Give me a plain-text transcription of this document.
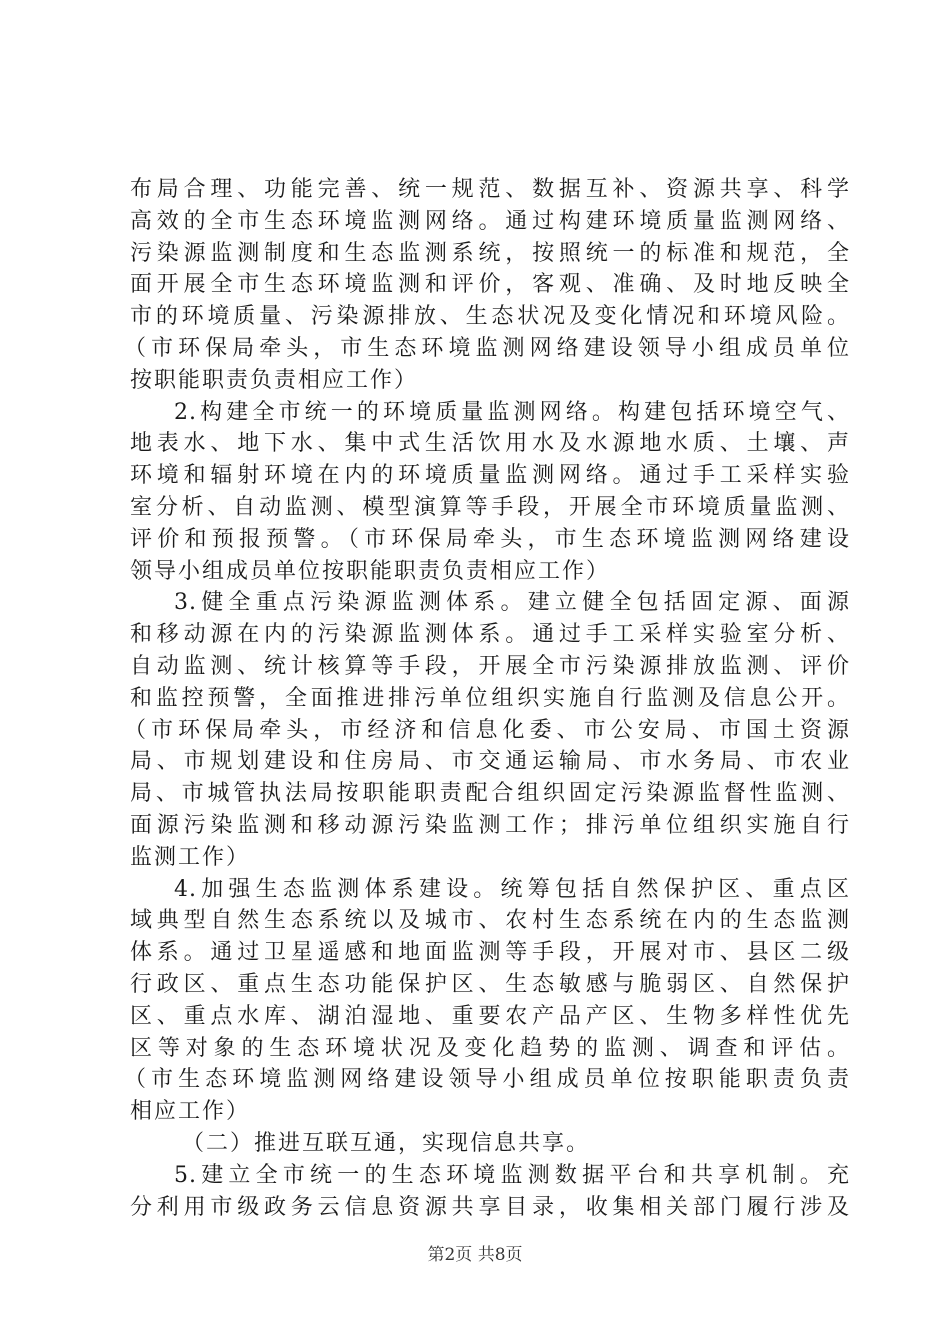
布局合理、功能完善、统一规范、数据互补、资源共享、科学
高效的全市生态环境监测网络。通过构建环境质量监测网络、
污染源监测制度和生态监测系统，按照统一的标准和规范，全
面开展全市生态环境监测和评价，客观、准确、及时地反映全
市的环境质量、污染源排放、生态状况及变化情况和环境风险。
（市环保局牵头，市生态环境监测网络建设领导小组成员单位
按职能职责负责相应工作）
2.构建全市统一的环境质量监测网络。构建包括环境空气、
地表水、地下水、集中式生活饮用水及水源地水质、土壤、声
环境和辐射环境在内的环境质量监测网络。通过手工采样实验
室分析、自动监测、模型演算等手段，开展全市环境质量监测、
评价和预报预警。（市环保局牵头，市生态环境监测网络建设
领导小组成员单位按职能职责负责相应工作）
3.健全重点污染源监测体系。建立健全包括固定源、面源
和移动源在内的污染源监测体系。通过手工采样实验室分析、
自动监测、统计核算等手段，开展全市污染源排放监测、评价
和监控预警，全面推进排污单位组织实施自行监测及信息公开。
（市环保局牵头，市经济和信息化委、市公安局、市国土资源
局、市规划建设和住房局、市交通运输局、市水务局、市农业
局、市城管执法局按职能职责配合组织固定污染源监督性监测、
面源污染监测和移动源污染监测工作；排污单位组织实施自行
监测工作）
4.加强生态监测体系建设。统筹包括自然保护区、重点区
域典型自然生态系统以及城市、农村生态系统在内的生态监测
体系。通过卫星遥感和地面监测等手段，开展对市、县区二级
行政区、重点生态功能保护区、生态敏感与脆弱区、自然保护
区、重点水库、湖泊湿地、重要农产品产区、生物多样性优先
区等对象的生态环境状况及变化趋势的监测、调查和评估。
（市生态环境监测网络建设领导小组成员单位按职能职责负责
相应工作）
（二）推进互联互通，实现信息共享。
5.建立全市统一的生态环境监测数据平台和共享机制。充
分利用市级政务云信息资源共享目录，收集相关部门履行涉及
第2页 共8页
